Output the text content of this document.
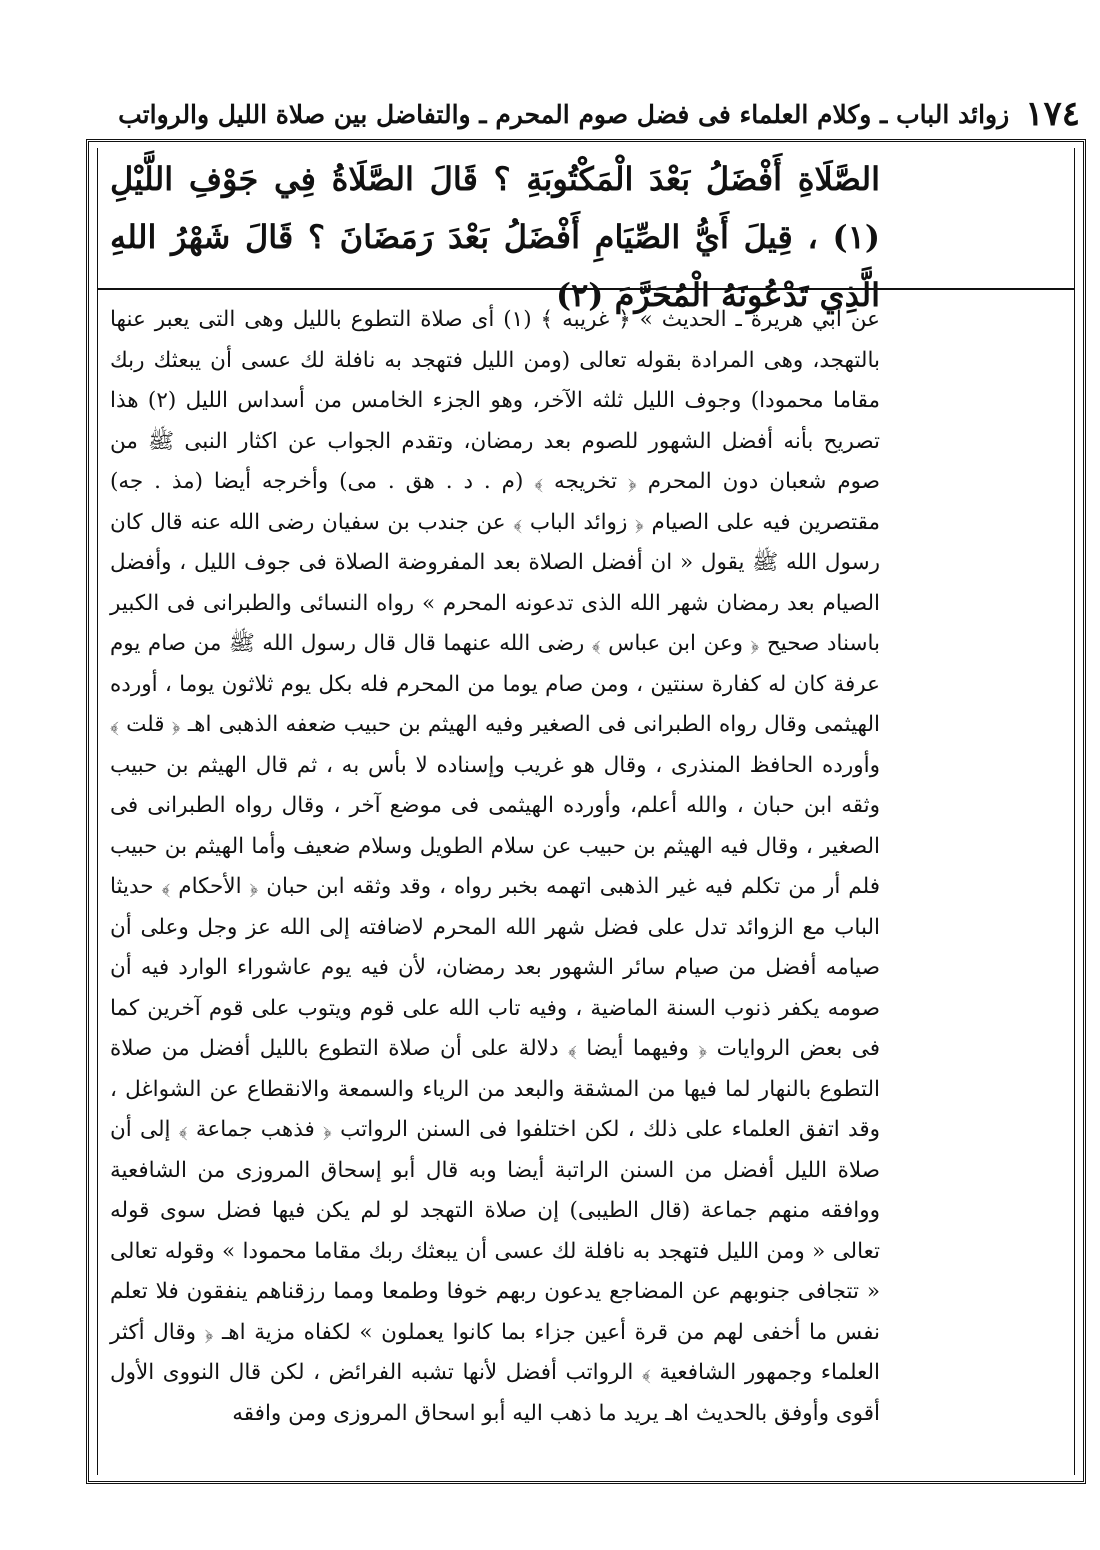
١٧٤
زوائد الباب ـ وكلام العلماء فى فضل صوم المحرم ـ والتفاضل بين صلاة الليل والرواتب
الصَّلَاةِ أَفْضَلُ بَعْدَ الْمَكْتُوبَةِ ؟ قَالَ الصَّلَاةُ فِي جَوْفِ اللَّيْلِ (١) ، قِيلَ أَيُّ الصِّيَامِ أَفْضَلُ بَعْدَ رَمَضَانَ ؟ قَالَ شَهْرُ اللهِ الَّذِي تَدْعُونَهُ الْمُحَرَّمَ (٢)

عن أبي هريرة ـ الحديث » ﴿ غريبه ﴾ (١) أى صلاة التطوع بالليل وهى التى يعبر عنها بالتهجد، وهى المرادة بقوله تعالى (ومن الليل فتهجد به نافلة لك عسى أن يبعثك ربك مقاما محمودا) وجوف الليل ثلثه الآخر، وهو الجزء الخامس من أسداس الليل (٢) هذا تصريح بأنه أفضل الشهور للصوم بعد رمضان، وتقدم الجواب عن اكثار النبى ﷺ من صوم شعبان دون المحرم ﴿ تخريجه ﴾ (م . د . هق . مى) وأخرجه أيضا (مذ . جه) مقتصرين فيه على الصيام ﴿ زوائد الباب ﴾ عن جندب بن سفيان رضى الله عنه قال كان رسول الله ﷺ يقول « ان أفضل الصلاة بعد المفروضة الصلاة فى جوف الليل ، وأفضل الصيام بعد رمضان شهر الله الذى تدعونه المحرم » رواه النسائى والطبرانى فى الكبير باسناد صحيح ﴿ وعن ابن عباس ﴾ رضى الله عنهما قال قال رسول الله ﷺ من صام يوم عرفة كان له كفارة سنتين ، ومن صام يوما من المحرم فله بكل يوم ثلاثون يوما ، أورده الهيثمى وقال رواه الطبرانى فى الصغير وفيه الهيثم بن حبيب ضعفه الذهبى اهـ ﴿ قلت ﴾ وأورده الحافظ المنذرى ، وقال هو غريب وإسناده لا بأس به ، ثم قال الهيثم بن حبيب وثقه ابن حبان ، والله أعلم، وأورده الهيثمى فى موضع آخر ، وقال رواه الطبرانى فى الصغير ، وقال فيه الهيثم بن حبيب عن سلام الطويل وسلام ضعيف وأما الهيثم بن حبيب فلم أر من تكلم فيه غير الذهبى اتهمه بخبر رواه ، وقد وثقه ابن حبان ﴿ الأحكام ﴾ حديثا الباب مع الزوائد تدل على فضل شهر الله المحرم لاضافته إلى الله عز وجل وعلى أن صيامه أفضل من صيام سائر الشهور بعد رمضان، لأن فيه يوم عاشوراء الوارد فيه أن صومه يكفر ذنوب السنة الماضية ، وفيه تاب الله على قوم ويتوب على قوم آخرين كما فى بعض الروايات ﴿ وفيهما أيضا ﴾ دلالة على أن صلاة التطوع بالليل أفضل من صلاة التطوع بالنهار لما فيها من المشقة والبعد من الرياء والسمعة والانقطاع عن الشواغل ، وقد اتفق العلماء على ذلك ، لكن اختلفوا فى السنن الرواتب ﴿ فذهب جماعة ﴾ إلى أن صلاة الليل أفضل من السنن الراتبة أيضا وبه قال أبو إسحاق المروزى من الشافعية ووافقه منهم جماعة (قال الطيبى) إن صلاة التهجد لو لم يكن فيها فضل سوى قوله تعالى « ومن الليل فتهجد به نافلة لك عسى أن يبعثك ربك مقاما محمودا » وقوله تعالى « تتجافى جنوبهم عن المضاجع يدعون ربهم خوفا وطمعا ومما رزقناهم ينفقون فلا تعلم نفس ما أخفى لهم من قرة أعين جزاء بما كانوا يعملون » لكفاه مزية اهـ ﴿ وقال أكثر العلماء وجمهور الشافعية ﴾ الرواتب أفضل لأنها تشبه الفرائض ، لكن قال النووى الأول أقوى وأوفق بالحديث اهـ يريد ما ذهب اليه أبو اسحاق المروزى ومن وافقه
